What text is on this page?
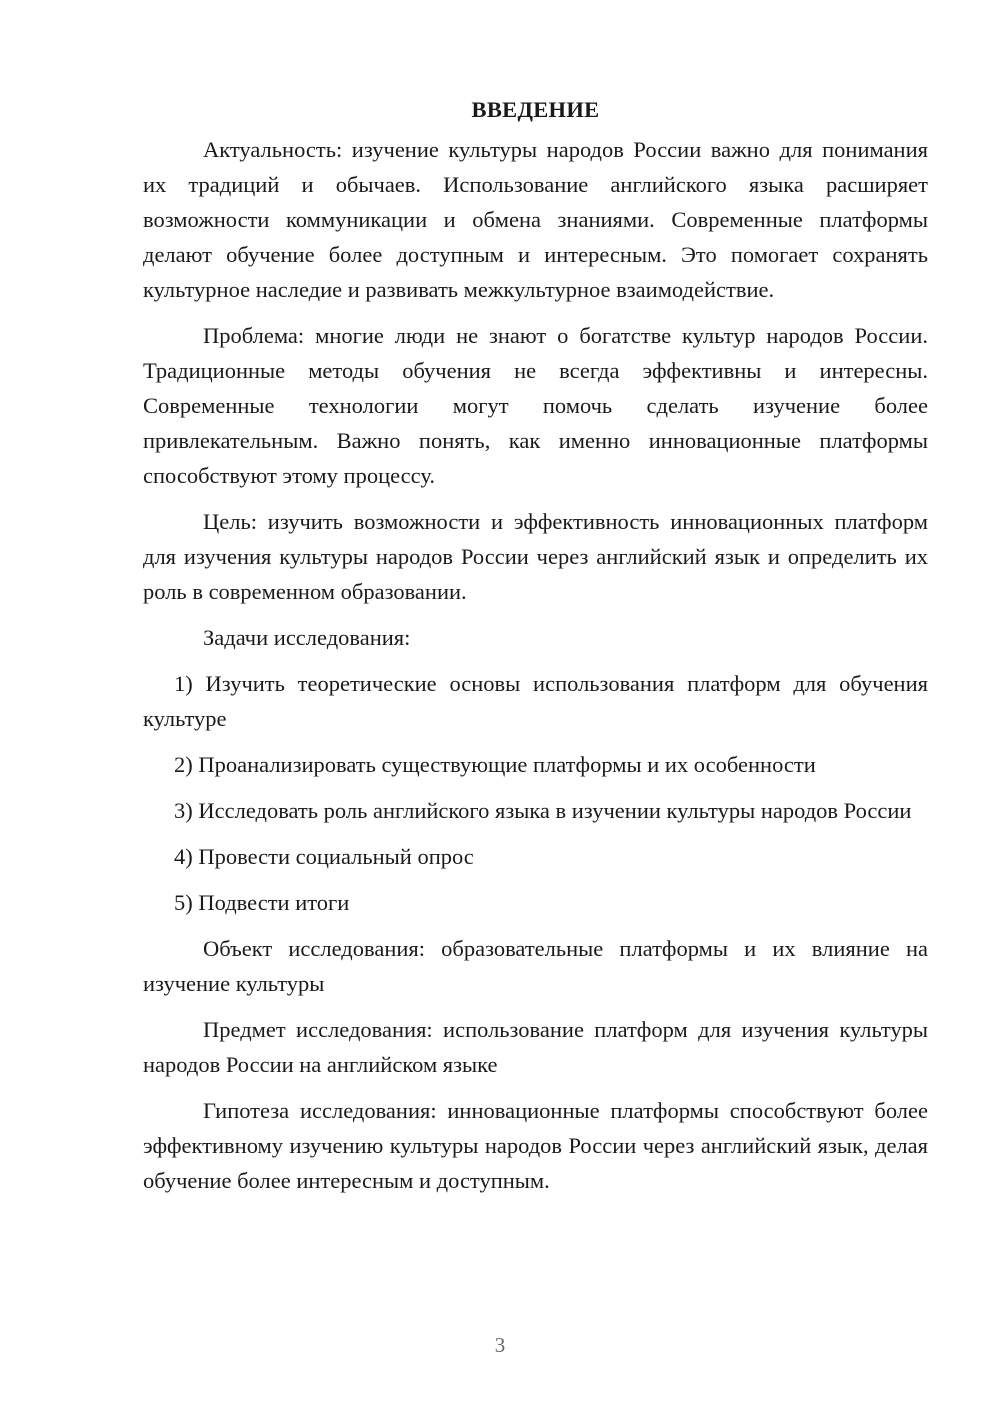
ВВЕДЕНИЕ

Актуальность: изучение культуры народов России важно для понимания их традиций и обычаев. Использование английского языка расширяет возможности коммуникации и обмена знаниями. Современные платформы делают обучение более доступным и интересным. Это помогает сохранять культурное наследие и развивать межкультурное взаимодействие.

Проблема: многие люди не знают о богатстве культур народов России. Традиционные методы обучения не всегда эффективны и интересны. Современные технологии могут помочь сделать изучение более привлекательным. Важно понять, как именно инновационные платформы способствуют этому процессу.

Цель: изучить возможности и эффективность инновационных платформ для изучения культуры народов России через английский язык и определить их роль в современном образовании.

Задачи исследования:

1) Изучить теоретические основы использования платформ для обучения культуре

2) Проанализировать существующие платформы и их особенности

3) Исследовать роль английского языка в изучении культуры народов России

4) Провести социальный опрос

5) Подвести итоги

Объект исследования: образовательные платформы и их влияние на изучение культуры

Предмет исследования: использование платформ для изучения культуры народов России на английском языке

Гипотеза исследования: инновационные платформы способствуют более эффективному изучению культуры народов России через английский язык, делая обучение более интересным и доступным.

3
